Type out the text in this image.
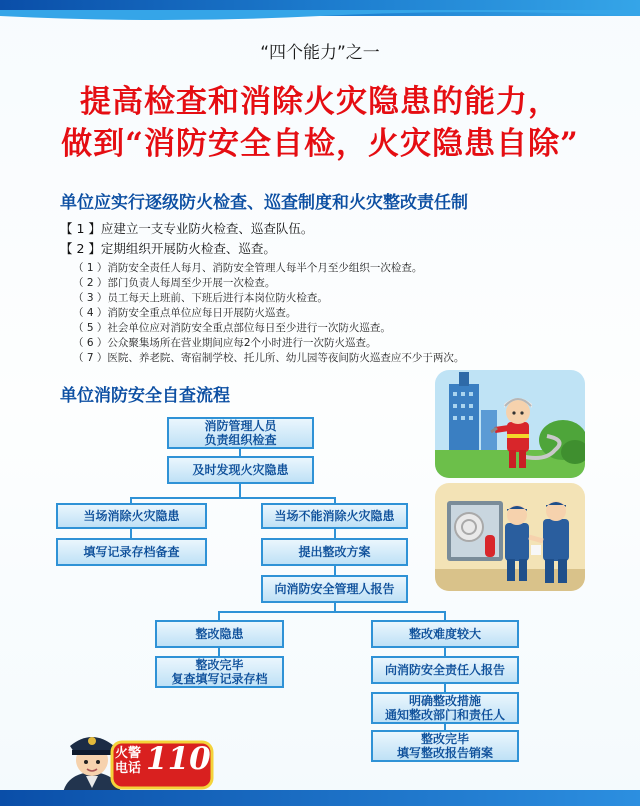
“四个能力”之一
提高检查和消除火灾隐患的能力，
做到“消防安全自检，火灾隐患自除”
单位应实行逐级防火检查、巡查制度和火灾整改责任制
【 1 】应建立一支专业防火检查、巡查队伍。
【 2 】定期组织开展防火检查、巡查。
（ 1 ）消防安全责任人每月、消防安全管理人每半个月至少组织一次检查。
（ 2 ）部门负责人每周至少开展一次检查。
（ 3 ）员工每天上班前、下班后进行本岗位防火检查。
（ 4 ）消防安全重点单位应每日开展防火巡查。
（ 5 ）社会单位应对消防安全重点部位每日至少进行一次防火巡查。
（ 6 ）公众聚集场所在营业期间应每2个小时进行一次防火巡查。
（ 7 ）医院、养老院、寄宿制学校、托儿所、幼儿园等夜间防火巡查应不少于两次。
单位消防安全自查流程
消防管理人员
负责组织检查
及时发现火灾隐患
当场消除火灾隐患
填写记录存档备查
当场不能消除火灾隐患
提出整改方案
向消防安全管理人报告
整改隐患
整改完毕
复查填写记录存档
整改难度较大
向消防安全责任人报告
明确整改措施
通知整改部门和责任人
整改完毕
填写整改报告销案
火警
电话 110
